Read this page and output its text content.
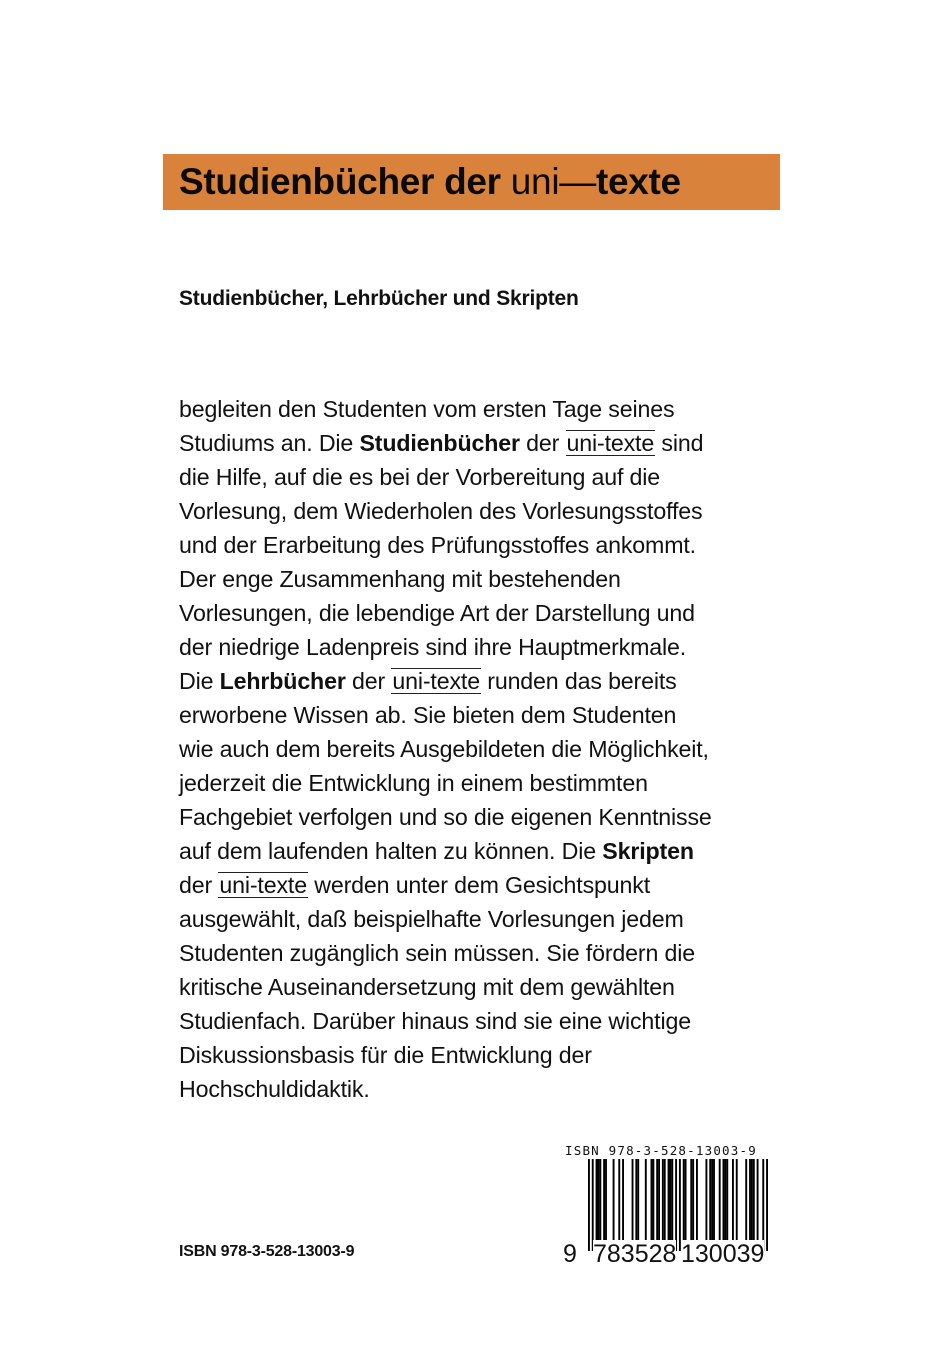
Studienbücher der uni—texte
Studienbücher, Lehrbücher und Skripten
begleiten den Studenten vom ersten Tage seines
Studiums an. Die Studienbücher der uni-texte sind
die Hilfe, auf die es bei der Vorbereitung auf die
Vorlesung, dem Wiederholen des Vorlesungsstoffes
und der Erarbeitung des Prüfungsstoffes ankommt.
Der enge Zusammenhang mit bestehenden
Vorlesungen, die lebendige Art der Darstellung und
der niedrige Ladenpreis sind ihre Hauptmerkmale.
Die Lehrbücher der uni-texte runden das bereits
erworbene Wissen ab. Sie bieten dem Studenten
wie auch dem bereits Ausgebildeten die Möglichkeit,
jederzeit die Entwicklung in einem bestimmten
Fachgebiet verfolgen und so die eigenen Kenntnisse
auf dem laufenden halten zu können. Die Skripten
der uni-texte werden unter dem Gesichtspunkt
ausgewählt, daß beispielhafte Vorlesungen jedem
Studenten zugänglich sein müssen. Sie fördern die
kritische Auseinandersetzung mit dem gewählten
Studienfach. Darüber hinaus sind sie eine wichtige
Diskussionsbasis für die Entwicklung der
Hochschuldidaktik.
ISBN 978-3-528-13003-9
ISBN 978-3-528-13003-9
9 783528 130039
